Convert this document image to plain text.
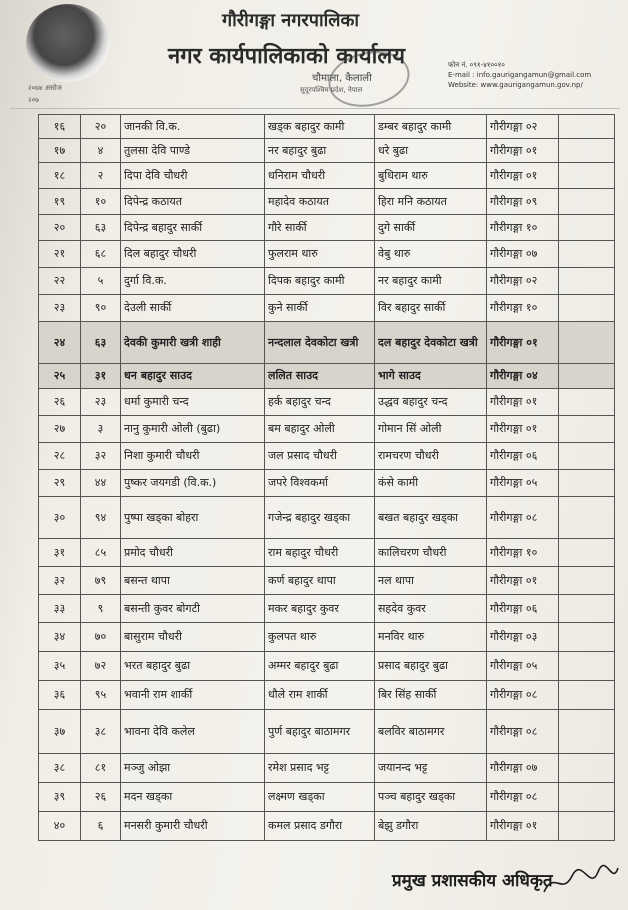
२०७४ असोज
२०७
गौरीगङ्गा नगरपालिका
नगर कार्यपालिकाको कार्यालय
चौमाला, कैलाली
सुदूरपश्चिम प्रदेश, नेपाल
फोन नं. ०९१-४१००१०
E-mail : info.gaurigangamun@gmail.com
Website: www.gaurigangamun.gov.np/
१६	२०	जानकी वि.क.	खड्क बहादुर कामी	डम्बर बहादुर कामी	गौरीगङ्गा ०२	
१७	४	तुलसा देवि पाण्डे	नर बहादुर बुढा	धरे बुढा	गौरीगङ्गा ०१	
१८	२	दिपा देवि चौधरी	धनिराम चौधरी	बुधिराम थारु	गौरीगङ्गा ०१	
१९	१०	दिपेन्द्र कठायत	महादेव कठायत	हिरा मनि कठायत	गौरीगङ्गा ०९	
२०	६३	दिपेन्द्र बहादुर सार्की	गौरे सार्की	दुगे सार्की	गौरीगङ्गा १०	
२१	६८	दिल बहादुर चौधरी	फुलराम थारु	वेबु थारु	गौरीगङ्गा ०७	
२२	५	दुर्गा वि.क.	दिपक बहादुर कामी	नर बहादुर कामी	गौरीगङ्गा ०२	
२३	९०	देउली सार्की	कुने सार्की	विर बहादुर सार्की	गौरीगङ्गा १०	
२४	६३	देवकी कुमारी खत्री शाही	नन्दलाल देवकोटा खत्री	दल बहादुर देवकोटा खत्री	गौरीगङ्गा ०१	
२५	३१	धन बहादुर साउद	ललित साउद	भागे साउद	गौरीगङ्गा ०४	
२६	२३	धर्मा कुमारी चन्द	हर्क बहादुर चन्द	उद्धव बहादुर चन्द	गौरीगङ्गा ०१	
२७	३	नानु कुमारी ओली (बुढा)	बम बहादुर ओली	गोमान सिं ओली	गौरीगङ्गा ०१	
२८	३२	निशा कुमारी चौधरी	जल प्रसाद चौधरी	रामचरण चौधरी	गौरीगङ्गा ०६	
२९	४४	पुष्कर जयगडी (वि.क.)	जपरे विश्वकर्मा	कंसे कामी	गौरीगङ्गा ०५	
३०	९४	पुष्पा खड्का बोहरा	गजेन्द्र बहादुर खड्का	बखत बहादुर खड्का	गौरीगङ्गा ०८	
३१	८५	प्रमोद चौधरी	राम बहादुर चौधरी	कालिचरण चौधरी	गौरीगङ्गा १०	
३२	७९	बसन्त थापा	कर्ण बहादुर थापा	नल थापा	गौरीगङ्गा ०१	
३३	९	बसन्ती कुवर बोगटी	मकर बहादुर कुवर	सहदेव कुवर	गौरीगङ्गा ०६	
३४	७०	बासुराम चौधरी	कुलपत थारु	मनविर थारु	गौरीगङ्गा ०३	
३५	७२	भरत बहादुर बुढा	अम्मर बहादुर बुढा	प्रसाद बहादुर बुढा	गौरीगङ्गा ०५	
३६	९५	भवानी राम शार्की	धौले राम शार्की	बिर सिंह सार्की	गौरीगङ्गा ०८	
३७	३८	भावना देवि कलेल	पुर्ण बहादुर बाठामगर	बलविर बाठामगर	गौरीगङ्गा ०८	
३८	८१	मञ्जु ओझा	रमेश प्रसाद भट्ट	जयानन्द भट्ट	गौरीगङ्गा ०७	
३९	२६	मदन खड्का	लक्ष्मण खड्का	पञ्च बहादुर खड्का	गौरीगङ्गा ०८	
४०	६	मनसरी कुमारी चौधरी	कमल प्रसाद डगौरा	बेझु डगौरा	गौरीगङ्गा ०१	
प्रमुख प्रशासकीय अधिकृत
